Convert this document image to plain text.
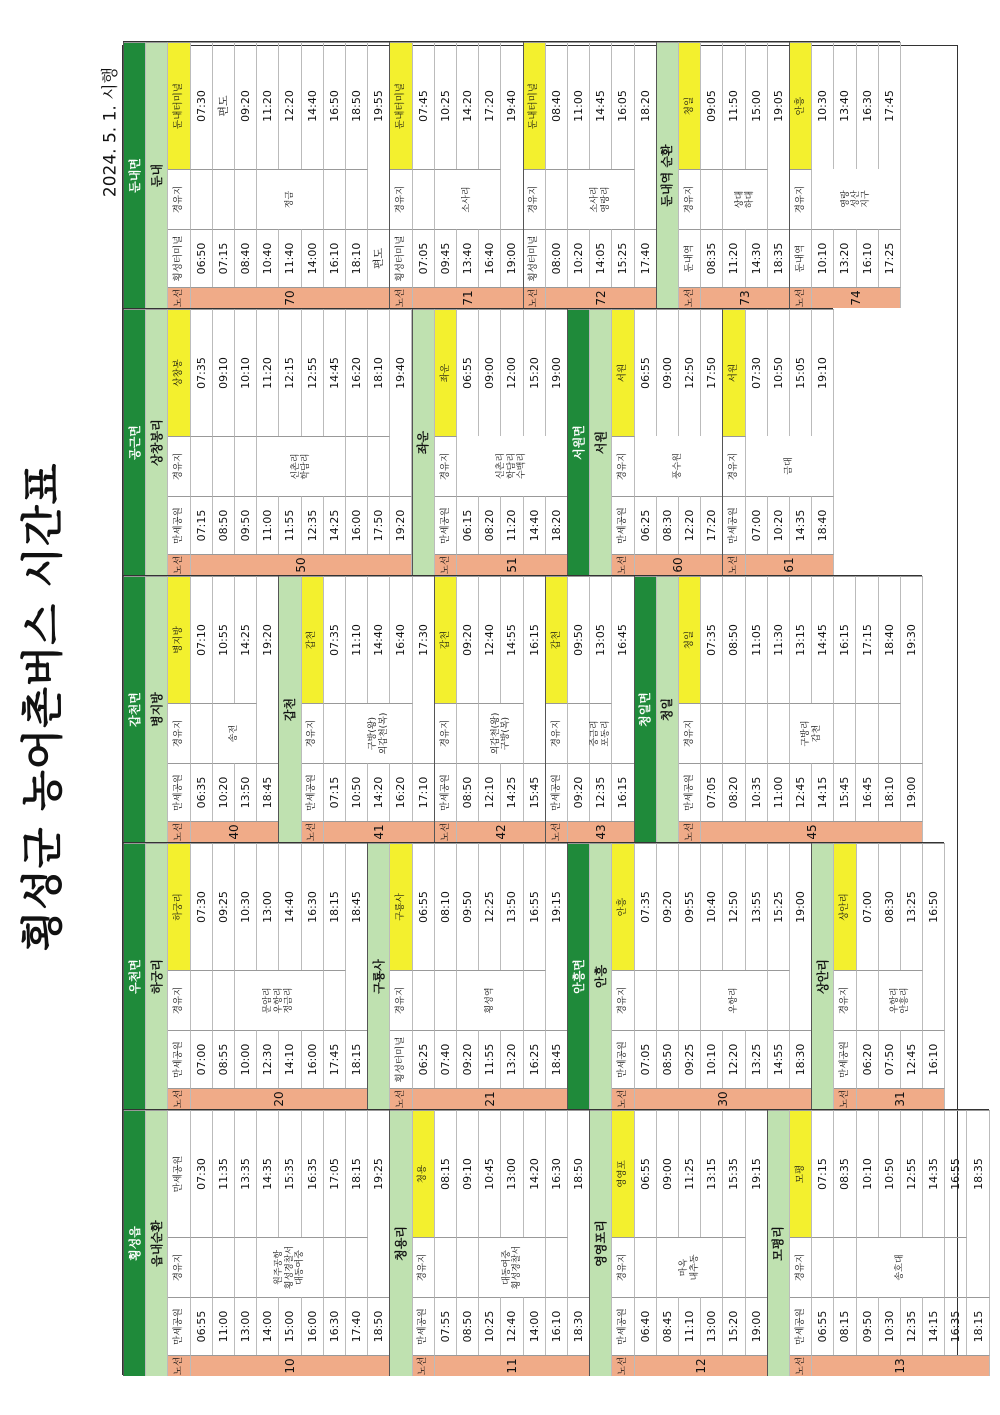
횡성군 농어촌버스 시간표
2024. 5. 1. 시행
횡성읍 읍내순환
노선
만세공원
경유지
만세공원
10
06:55
07:30
11:00
11:35
13:00
13:35
14:00
14:35
15:00
15:35
16:00
16:35
16:30
17:05
17:40
18:15
18:50
19:25
원주공항 횡성경찰서 대동여중
청용리
노선
만세공원
경유지
청용
11
07:55
08:15
08:50
09:10
10:25
10:45
12:40
13:00
14:00
14:20
16:10
16:30
18:30
18:50
대동여중 횡성경찰서
영영포리
노선
만세공원
경유지
영영포
12
06:40
06:55
08:45
09:00
11:10
11:25
13:00
13:15
15:20
15:35
19:00
19:15
마옥 내추동
모평리
노선
만세공원
경유지
모평
13
06:55
07:15
08:15
08:35
09:50
10:10
10:30
10:50
12:35
12:55
14:15
14:35
16:35
16:55
18:15
18:35
송호대
우천면 하궁리
노선
만세공원
경유지
하궁리
20
07:00
07:30
08:55
09:25
10:00
10:30
12:30
13:00
14:10
14:40
16:00
16:30
17:45
18:15
18:15
18:45
문암리 우항리 정금리
구룡사
노선
횡성터미널
경유지
구룡사
21
06:25
06:55
07:40
08:10
09:20
09:50
11:55
12:25
13:20
13:50
16:25
16:55
18:45
19:15
횡성역
안흥면 안흥
노선
만세공원
경유지
안흥
30
07:05
07:35
08:50
09:20
09:25
09:55
10:10
10:40
12:20
12:50
13:25
13:55
14:55
15:25
18:30
19:00
우항리
상안리
노선
만세공원
경유지
상안리
31
06:20
07:00
07:50
08:30
12:45
13:25
16:10
16:50
우항리 안흥리
갑천면 병지방
노선
만세공원
경유지
병지방
40
06:35
07:10
10:20
10:55
13:50
14:25
18:45
19:20
송전
갑천
노선
만세공원
경유지
갑천
41
07:15
07:35
10:50
11:10
14:20
14:40
16:20
16:40
17:10
17:30
구방(왕) 외갑천(복)
노선
만세공원
경유지
갑천
42
08:50
09:20
12:10
12:40
14:25
14:55
15:45
16:15
외갑천(왕) 구방(복)
노선
만세공원
경유지
갑천
43
09:20
09:50
12:35
13:05
16:15
16:45
중금리 포동리
청일면 청일
노선
만세공원
경유지
청일
45
07:05
07:35
08:20
08:50
10:35
11:05
11:00
11:30
12:45
13:15
14:15
14:45
15:45
16:15
16:45
17:15
18:10
18:40
19:00
19:30
구방리 갑천
공근면 상창봉리
노선
만세공원
경유지
상창봉
50
07:15
07:35
08:50
09:10
09:50
10:10
11:00
11:20
11:55
12:15
12:35
12:55
14:25
14:45
16:00
16:20
17:50
18:10
19:20
19:40
신촌리 학담리
좌운
노선
만세공원
경유지
좌운
51
06:15
06:55
08:20
09:00
11:20
12:00
14:40
15:20
18:20
19:00
신촌리 학담리 수백리
서원면 서원
노선
만세공원
경유지
서원
60
06:25
06:55
08:30
09:00
12:20
12:50
17:20
17:50
풍수원
노선
만세공원
경유지
서원
61
07:00
07:30
10:20
10:50
14:35
15:05
18:40
19:10
금대
둔내면 둔내
노선
횡성터미널
경유지
둔내터미널
70
06:50
07:30
07:15
편도
08:40
09:20
10:40
11:20
11:40
12:20
14:00
14:40
16:10
16:50
18:10
18:50
편도
19:55
정금
노선
횡성터미널
경유지
둔내터미널
71
07:05
07:45
09:45
10:25
13:40
14:20
16:40
17:20
19:00
19:40
소사리
노선
횡성터미널
경유지
둔내터미널
72
08:00
08:40
10:20
11:00
14:05
14:45
15:25
16:05
17:40
18:20
소사리 영랑리	둔내역 순환
노선
둔내역
경유지
청일
73
08:35
09:05
11:20
11:50
14:30
15:00
18:35
19:05
상대 하대
노선
둔내역
경유지
안흥
74
10:10
10:30
13:20
13:40
16:10
16:30
17:25
17:45
영랑 성산 지구
